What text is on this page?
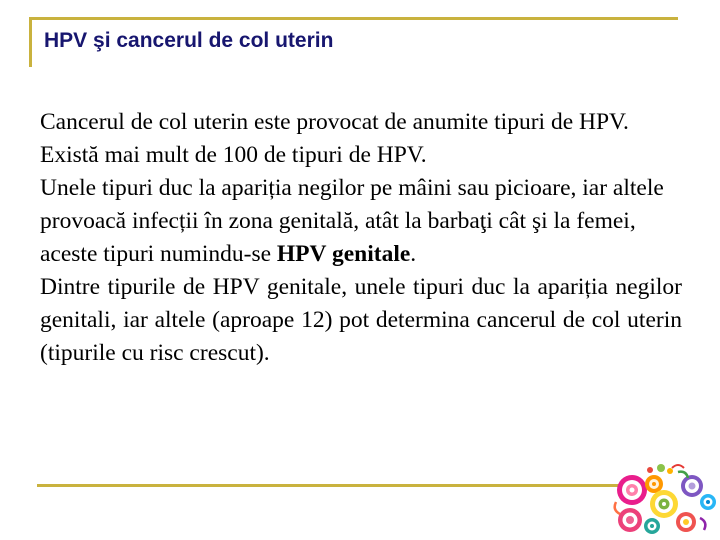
HPV şi cancerul de col uterin

Cancerul de col uterin este provocat de anumite tipuri de HPV.

Există mai mult de 100 de tipuri de HPV.

Unele tipuri duc la apariția negilor pe mâini sau picioare, iar altele provoacă infecții în zona genitală, atât la barbaţi cât şi la femei, aceste tipuri numindu-se HPV genitale.

Dintre tipurile de HPV genitale, unele tipuri duc la apariția negilor genitali, iar altele (aproape 12) pot determina cancerul de col uterin (tipurile cu risc crescut).
